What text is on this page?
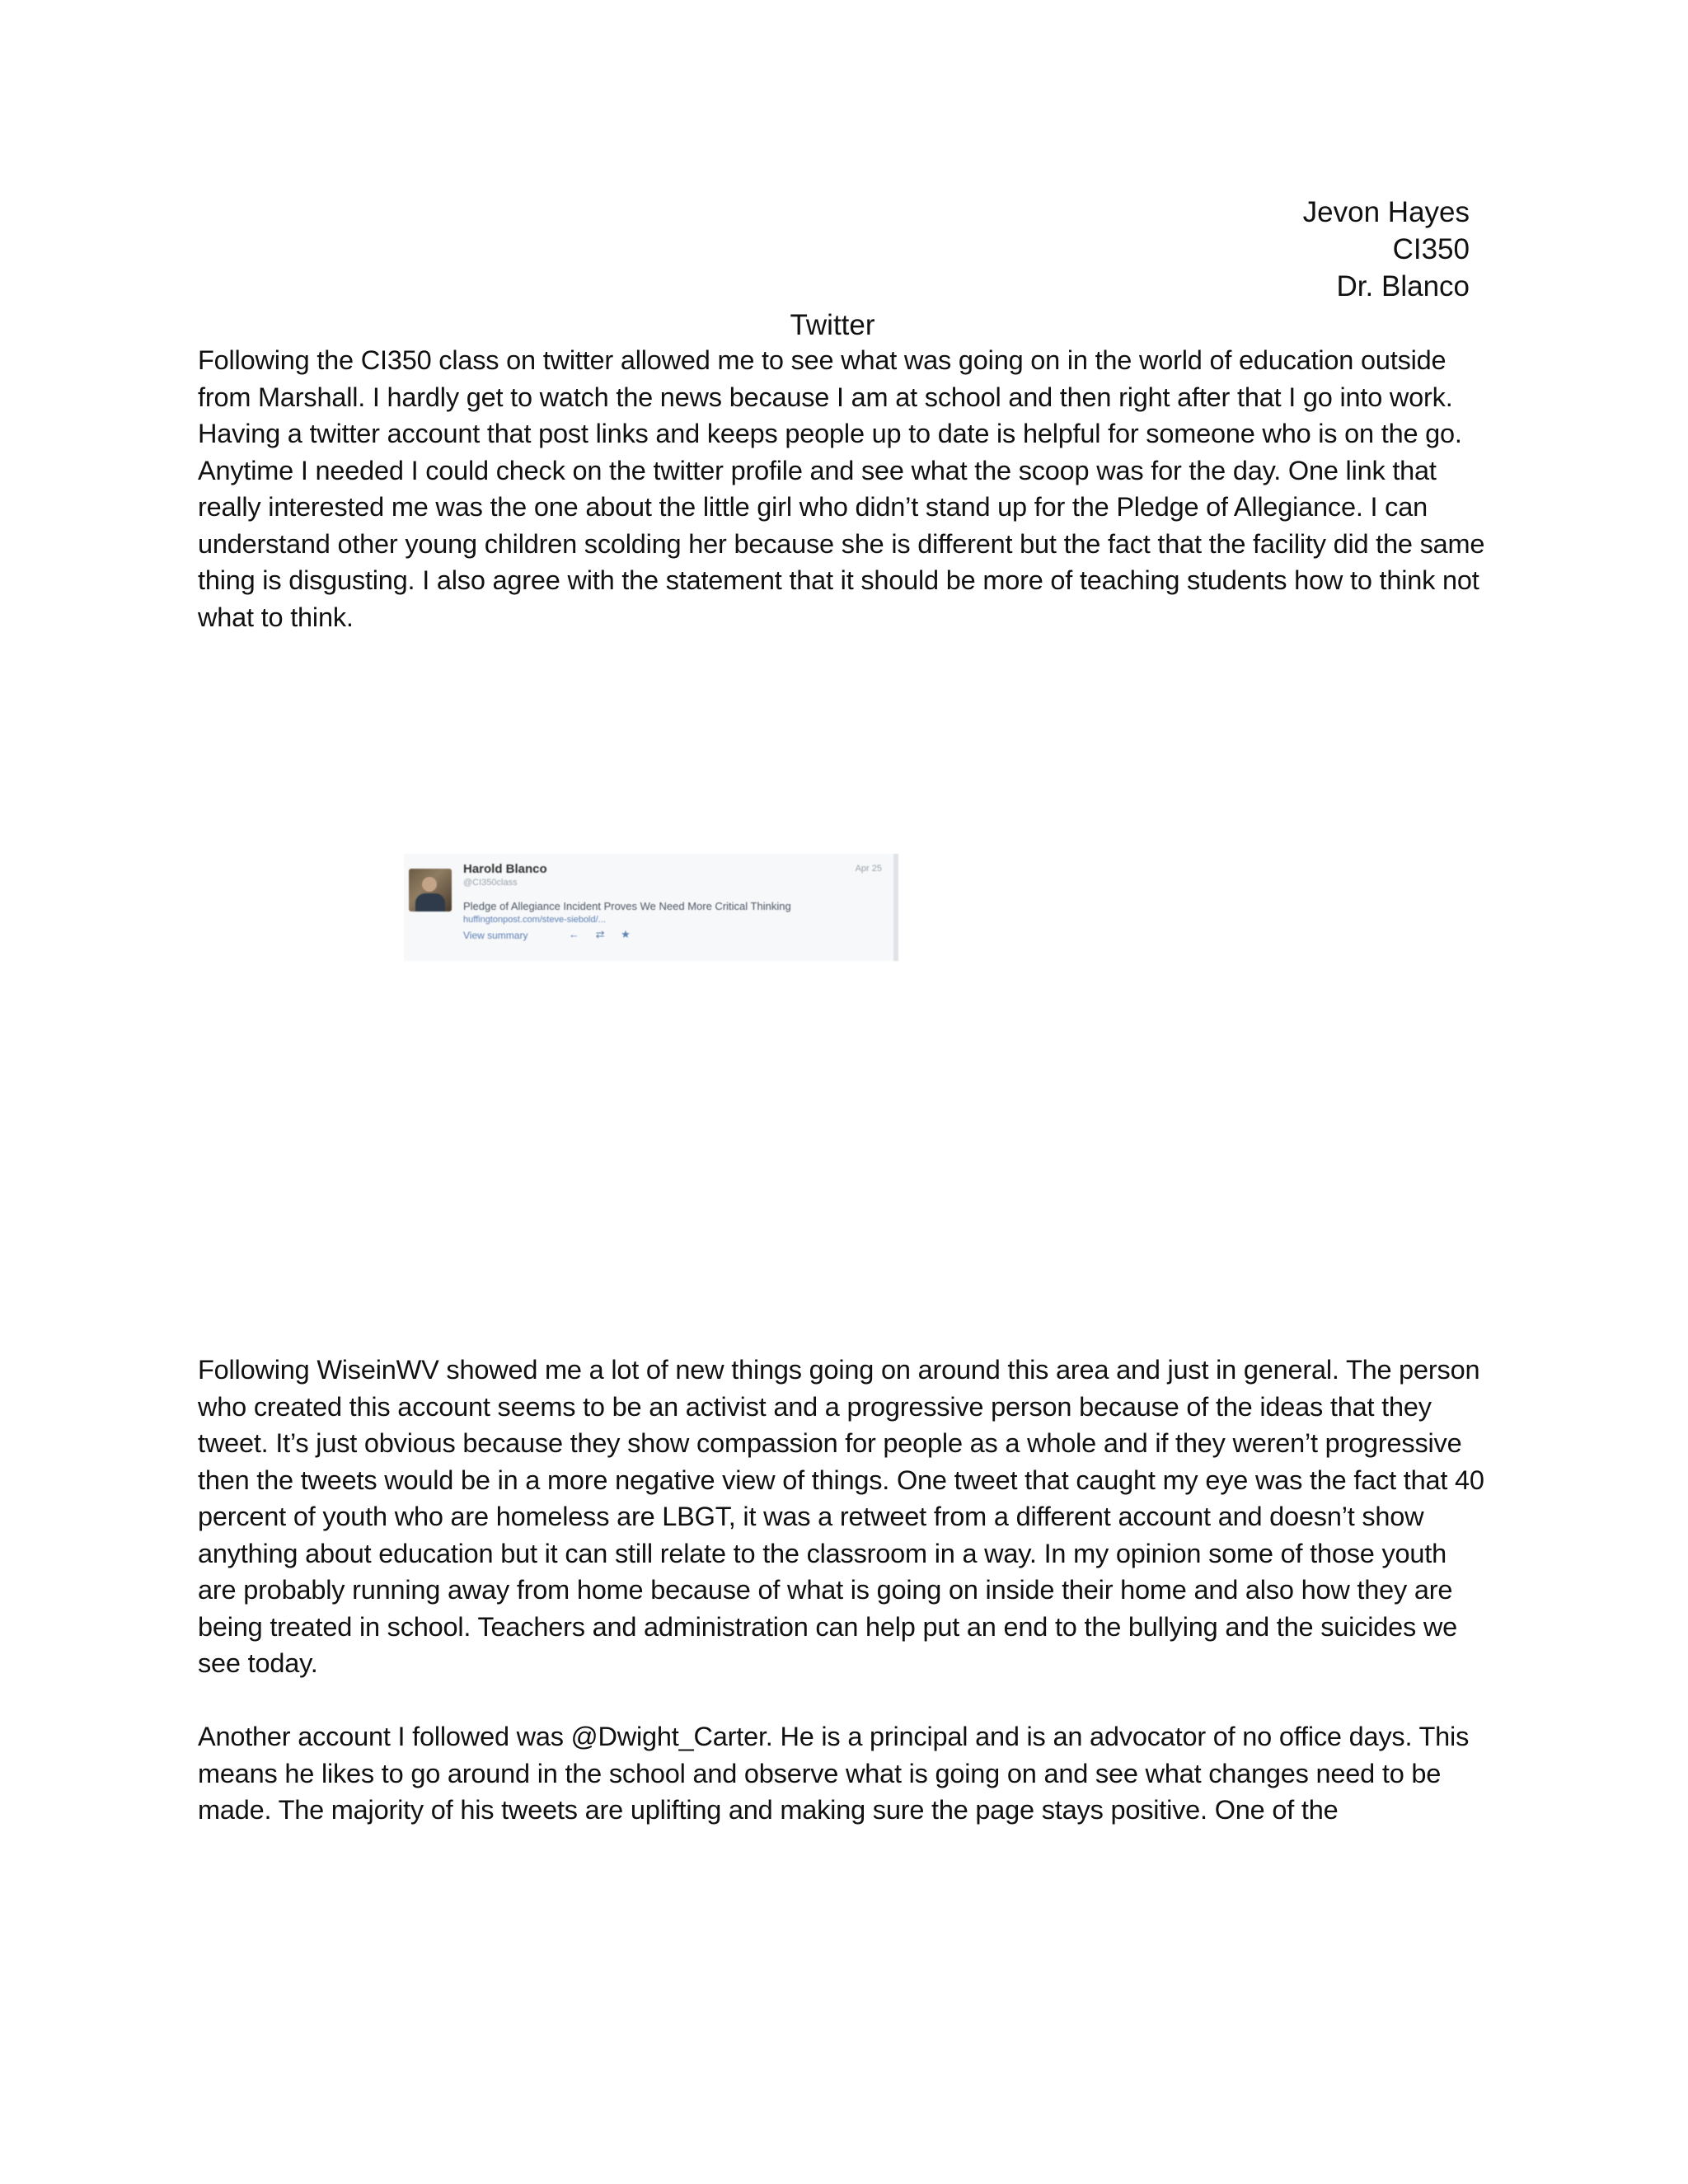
Jevon Hayes
CI350
Dr. Blanco
Twitter

Following the CI350 class on twitter allowed me to see what was going on in the world of education outside from Marshall. I hardly get to watch the news because I am at school and then right after that I go into work. Having a twitter account that post links and keeps people up to date is helpful for someone who is on the go. Anytime I needed I could check on the twitter profile and see what the scoop was for the day. One link that really interested me was the one about the little girl who didn’t stand up for the Pledge of Allegiance. I can understand other young children scolding her because she is different but the fact that the facility did the same thing is disgusting. I also agree with the statement that it should be more of teaching students how to think not what to think.

Harold Blanco
@CI350class
Apr 25
Pledge of Allegiance Incident Proves We Need More Critical Thinking
huffingtonpost.com/steve-siebold/...
View summary	← ⇄ ★

Following WiseinWV showed me a lot of new things going on around this area and just in general. The person who created this account seems to be an activist and a progressive person because of the ideas that they tweet. It’s just obvious because they show compassion for people as a whole and if they weren’t progressive then the tweets would be in a more negative view of things. One tweet that caught my eye was the fact that 40 percent of youth who are homeless are LBGT, it was a retweet from a different account and doesn’t show anything about education but it can still relate to the classroom in a way. In my opinion some of those youth are probably running away from home because of what is going on inside their home and also how they are being treated in school. Teachers and administration can help put an end to the bullying and the suicides we see today.

Another account I followed was @Dwight_Carter. He is a principal and is an advocator of no office days. This means he likes to go around in the school and observe what is going on and see what changes need to be made. The majority of his tweets are uplifting and making sure the page stays positive. One of the
